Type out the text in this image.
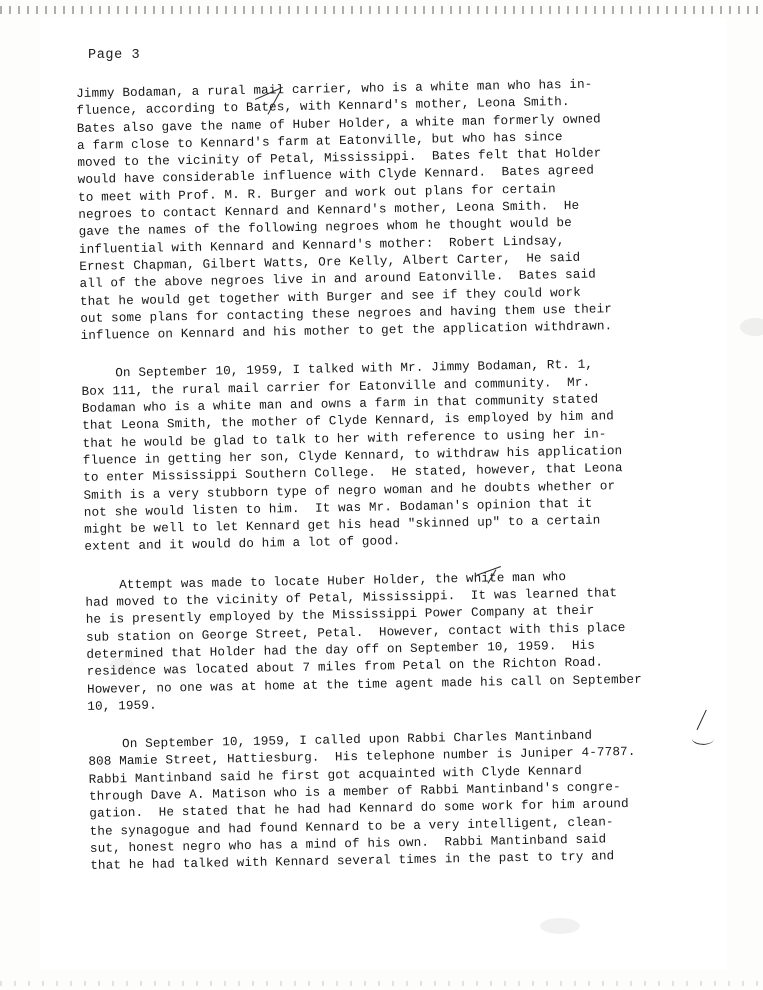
Page 3

Jimmy Bodaman, a rural mail carrier, who is a white man who has in-
fluence, according to Bates, with Kennard's mother, Leona Smith.
Bates also gave the name of Huber Holder, a white man formerly owned
a farm close to Kennard's farm at Eatonville, but who has since
moved to the vicinity of Petal, Mississippi.  Bates felt that Holder
would have considerable influence with Clyde Kennard.  Bates agreed
to meet with Prof. M. R. Burger and work out plans for certain
negroes to contact Kennard and Kennard's mother, Leona Smith.  He
gave the names of the following negroes whom he thought would be
influential with Kennard and Kennard's mother:  Robert Lindsay,
Ernest Chapman, Gilbert Watts, Ore Kelly, Albert Carter,  He said
all of the above negroes live in and around Eatonville.  Bates said
that he would get together with Burger and see if they could work
out some plans for contacting these negroes and having them use their
influence on Kennard and his mother to get the application withdrawn.

On September 10, 1959, I talked with Mr. Jimmy Bodaman, Rt. 1,
Box 111, the rural mail carrier for Eatonville and community.  Mr.
Bodaman who is a white man and owns a farm in that community stated
that Leona Smith, the mother of Clyde Kennard, is employed by him and
that he would be glad to talk to her with reference to using her in-
fluence in getting her son, Clyde Kennard, to withdraw his application
to enter Mississippi Southern College.  He stated, however, that Leona
Smith is a very stubborn type of negro woman and he doubts whether or
not she would listen to him.  It was Mr. Bodaman's opinion that it
might be well to let Kennard get his head "skinned up" to a certain
extent and it would do him a lot of good.

Attempt was made to locate Huber Holder, the white man who
had moved to the vicinity of Petal, Mississippi.  It was learned that
he is presently employed by the Mississippi Power Company at their
sub station on George Street, Petal.  However, contact with this place
determined that Holder had the day off on September 10, 1959.  His
residence was located about 7 miles from Petal on the Richton Road.
However, no one was at home at the time agent made his call on September
10, 1959.

On September 10, 1959, I called upon Rabbi Charles Mantinband
808 Mamie Street, Hattiesburg.  His telephone number is Juniper 4-7787.
Rabbi Mantinband said he first got acquainted with Clyde Kennard
through Dave A. Matison who is a member of Rabbi Mantinband's congre-
gation.  He stated that he had had Kennard do some work for him around
the synagogue and had found Kennard to be a very intelligent, clean-
sut, honest negro who has a mind of his own.  Rabbi Mantinband said
that he had talked with Kennard several times in the past to try and
